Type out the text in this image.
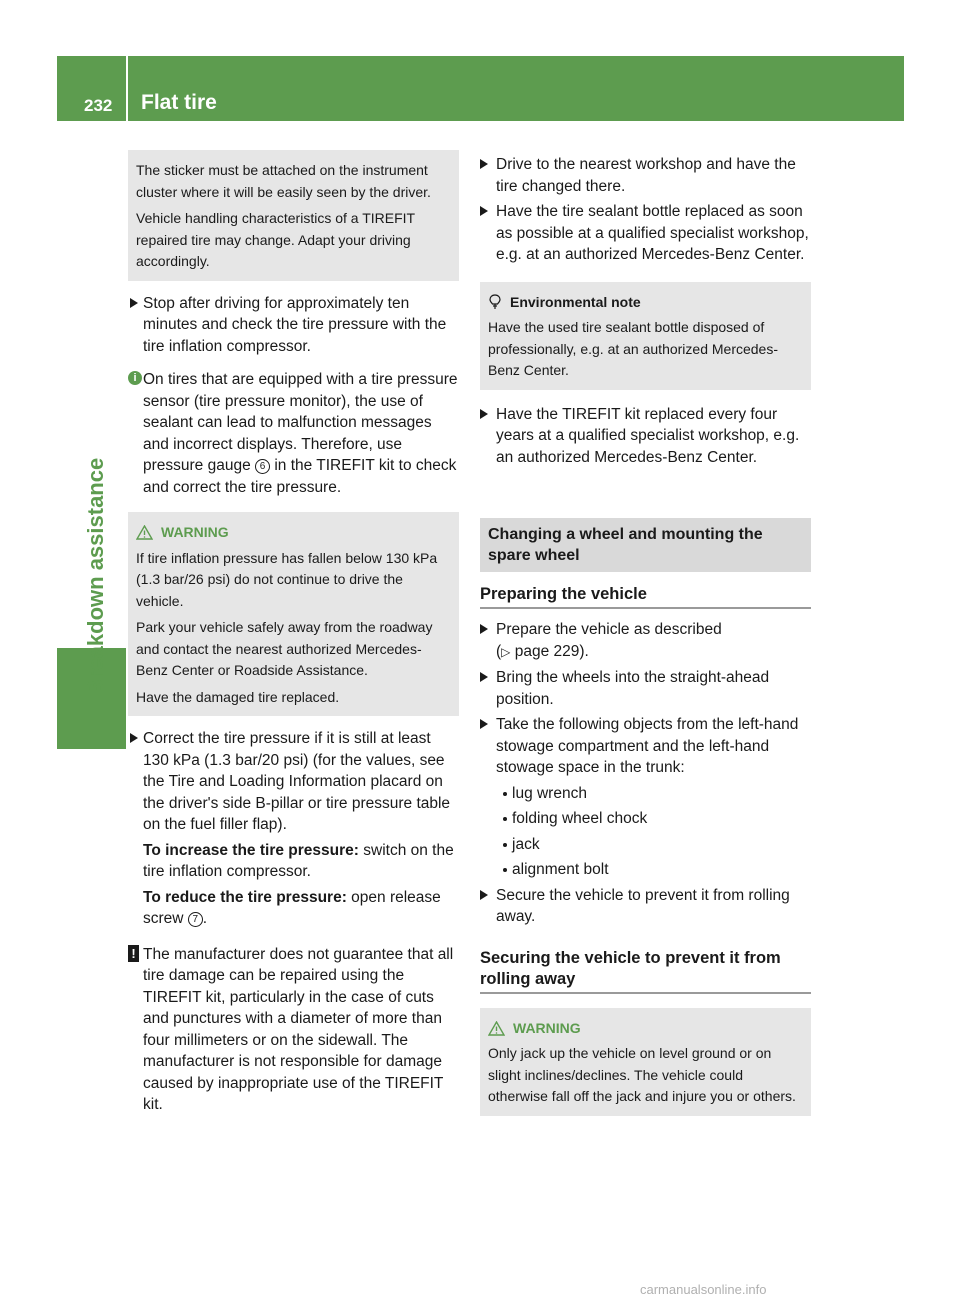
232 Flat tire
Breakdown assistance

The sticker must be attached on the instrument cluster where it will be easily seen by the driver.

Vehicle handling characteristics of a TIREFIT repaired tire may change. Adapt your driving accordingly.

Stop after driving for approximately ten minutes and check the tire pressure with the tire inflation compressor.
i On tires that are equipped with a tire pressure sensor (tire pressure monitor), the use of sealant can lead to malfunction messages and incorrect displays. Therefore, use pressure gauge 6 in the TIREFIT kit to check and correct the tire pressure.
WARNING

If tire inflation pressure has fallen below 130 kPa (1.3 bar/26 psi) do not continue to drive the vehicle.

Park your vehicle safely away from the roadway and contact the nearest authorized Mercedes-Benz Center or Roadside Assistance.

Have the damaged tire replaced.

Correct the tire pressure if it is still at least 130 kPa (1.3 bar/20 psi) (for the values, see the Tire and Loading Information placard on the driver's side B-pillar or tire pressure table on the fuel filler flap).
To increase the tire pressure: switch on the tire inflation compressor.
To reduce the tire pressure: open release screw 7 .
! The manufacturer does not guarantee that all tire damage can be repaired using the TIREFIT kit, particularly in the case of cuts and punctures with a diameter of more than four millimeters or on the sidewall. The manufacturer is not responsible for damage caused by inappropriate use of the TIREFIT kit.
Drive to the nearest workshop and have the tire changed there.
Have the tire sealant bottle replaced as soon as possible at a qualified specialist workshop, e.g. at an authorized Mercedes-Benz Center.
Environmental note

Have the used tire sealant bottle disposed of professionally, e.g. at an authorized Mercedes-Benz Center.

Have the TIREFIT kit replaced every four years at a qualified specialist workshop, e.g. an authorized Mercedes-Benz Center.
Changing a wheel and mounting the spare wheel
Preparing the vehicle
Prepare the vehicle as described
(▷ page 229).
Bring the wheels into the straight-ahead position.
Take the following objects from the left-hand stowage compartment and the left-hand stowage space in the trunk:
lug wrench
folding wheel chock
jack
alignment bolt
Secure the vehicle to prevent it from rolling away.
Securing the vehicle to prevent it from rolling away
WARNING

Only jack up the vehicle on level ground or on slight inclines/declines. The vehicle could otherwise fall off the jack and injure you or others.

carmanualsonline.info
